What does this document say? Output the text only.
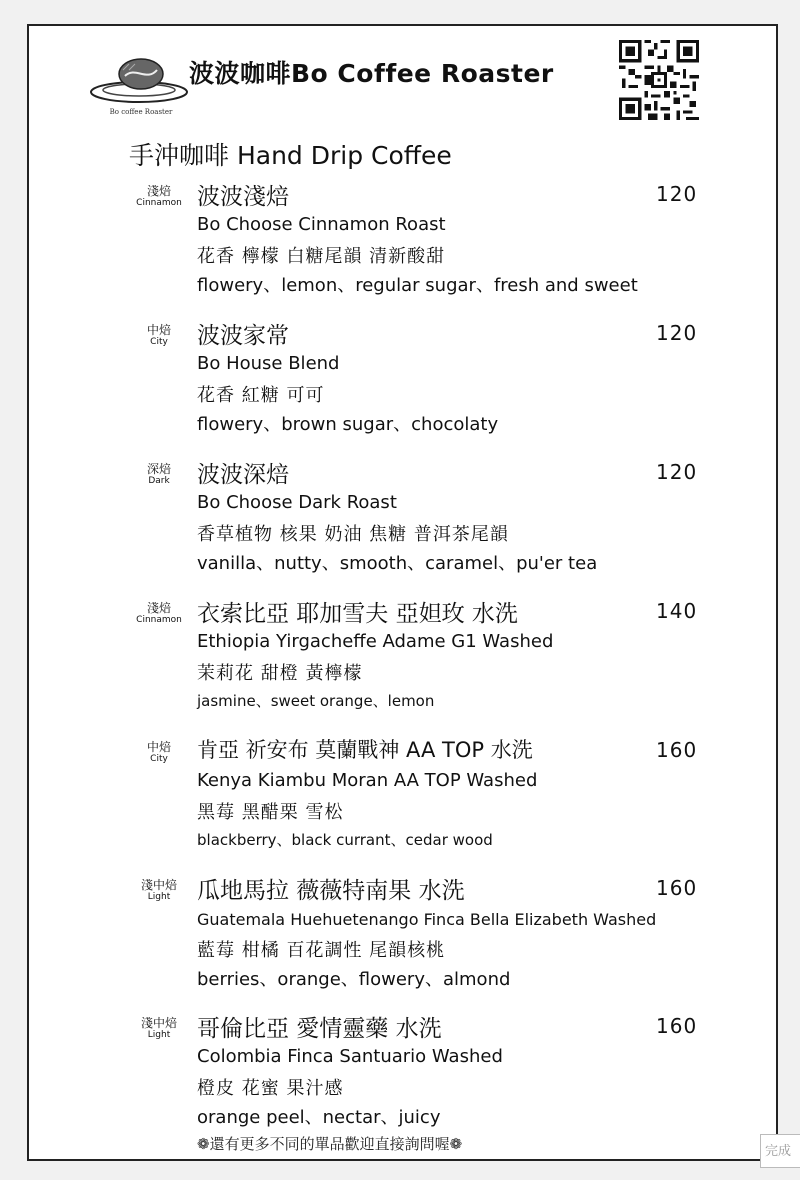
Bo coffee Roaster
波波咖啡Bo Coffee Roaster
手沖咖啡 Hand Drip Coffee
淺焙
Cinnamon 波波淺焙	120
Bo Choose Cinnamon Roast
花香 檸檬 白糖尾韻 清新酸甜
flowery、lemon、regular sugar、fresh and sweet
中焙
City	波波家常	120
Bo House Blend
花香 紅糖 可可
flowery、brown sugar、chocolaty
深焙
Dark	波波深焙	120
Bo Choose Dark Roast
香草植物 核果 奶油 焦糖 普洱茶尾韻
vanilla、nutty、smooth、caramel、pu'er tea
淺焙
Cinnamon 衣索比亞 耶加雪夫 亞妲玫 水洗	140
Ethiopia Yirgacheffe Adame G1 Washed
茉莉花 甜橙 黃檸檬
jasmine、sweet orange、lemon
中焙
City	肯亞 祈安布 莫蘭戰神 AA TOP 水洗	160
Kenya Kiambu Moran AA TOP Washed
黑莓 黑醋栗 雪松
blackberry、black currant、cedar wood
淺中焙
Light	瓜地馬拉 薇薇特南果 水洗	160
Guatemala Huehuetenango Finca Bella Elizabeth Washed
藍莓 柑橘 百花調性 尾韻核桃
berries、orange、flowery、almond
淺中焙
Light	哥倫比亞 愛情靈藥 水洗	160
Colombia Finca Santuario Washed
橙皮 花蜜 果汁感
orange peel、nectar、juicy
❁還有更多不同的單品歡迎直接詢問喔❁	完成
